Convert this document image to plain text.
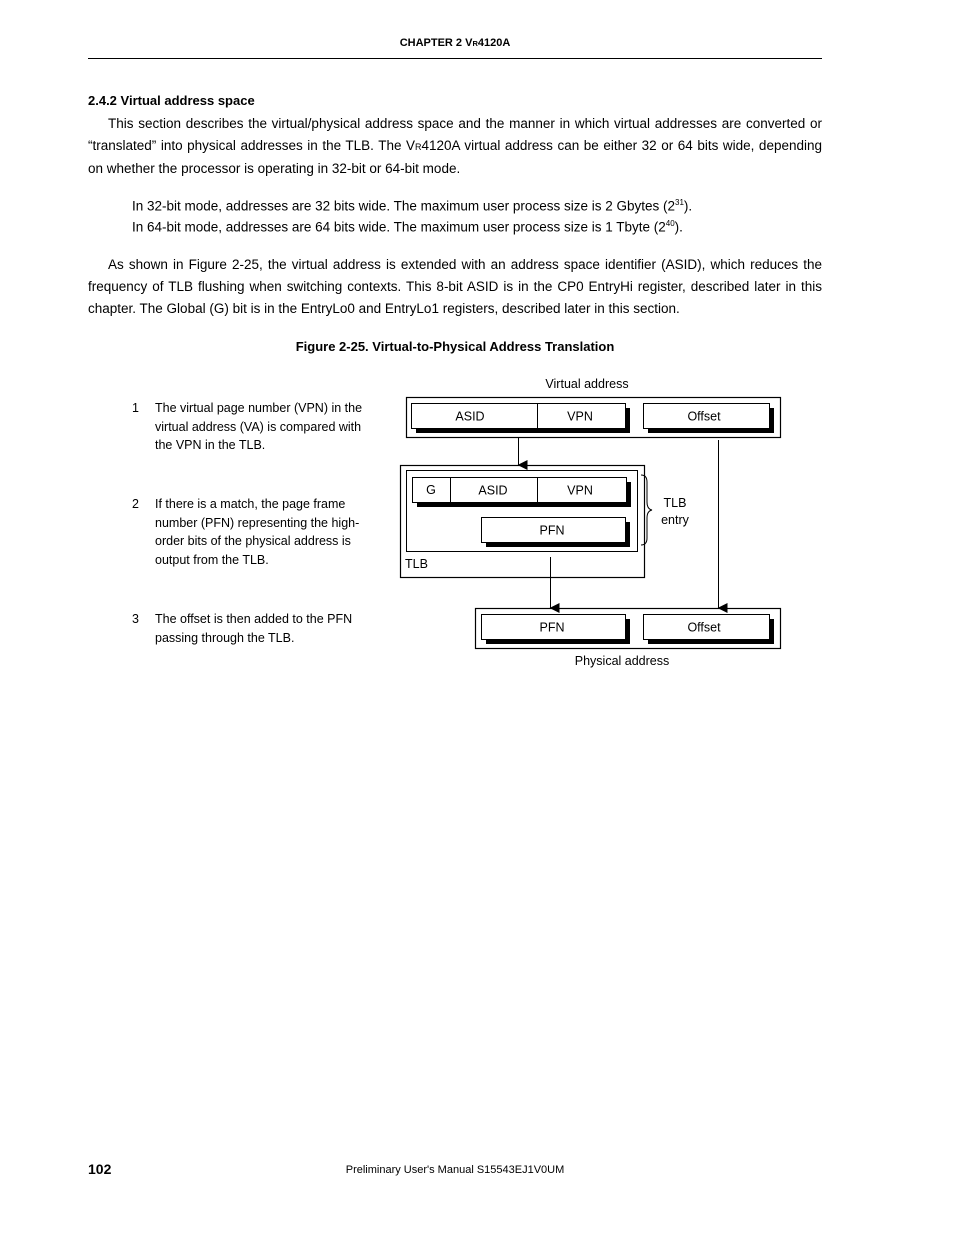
CHAPTER 2 VR4120A
2.4.2 Virtual address space

This section describes the virtual/physical address space and the manner in which virtual addresses are converted or “translated” into physical addresses in the TLB. The VR4120A virtual address can be either 32 or 64 bits wide, depending on whether the processor is operating in 32-bit or 64-bit mode.

In 32-bit mode, addresses are 32 bits wide. The maximum user process size is 2 Gbytes $(2^{31})$.
In 64-bit mode, addresses are 64 bits wide. The maximum user process size is 1 Tbyte $(2^{40})$.

As shown in Figure 2-25, the virtual address is extended with an address space identifier (ASID), which reduces the frequency of TLB flushing when switching contexts. This 8-bit ASID is in the CP0 EntryHi register, described later in this chapter. The Global (G) bit is in the EntryLo0 and EntryLo1 registers, described later in this section.

Figure 2-25. Virtual-to-Physical Address Translation
1 The virtual page number (VPN) in the virtual address (VA) is compared with the VPN in the TLB.
2 If there is a match, the page frame number (PFN) representing the high-order bits of the physical address is output from the TLB.
3 The offset is then added to the PFN passing through the TLB.
Virtual address
ASID	VPN	Offset
G	ASID	VPN
PFN
TLB
TLB
entry
PFN	Offset
Physical address
102	Preliminary User's Manual S15543EJ1V0UM
